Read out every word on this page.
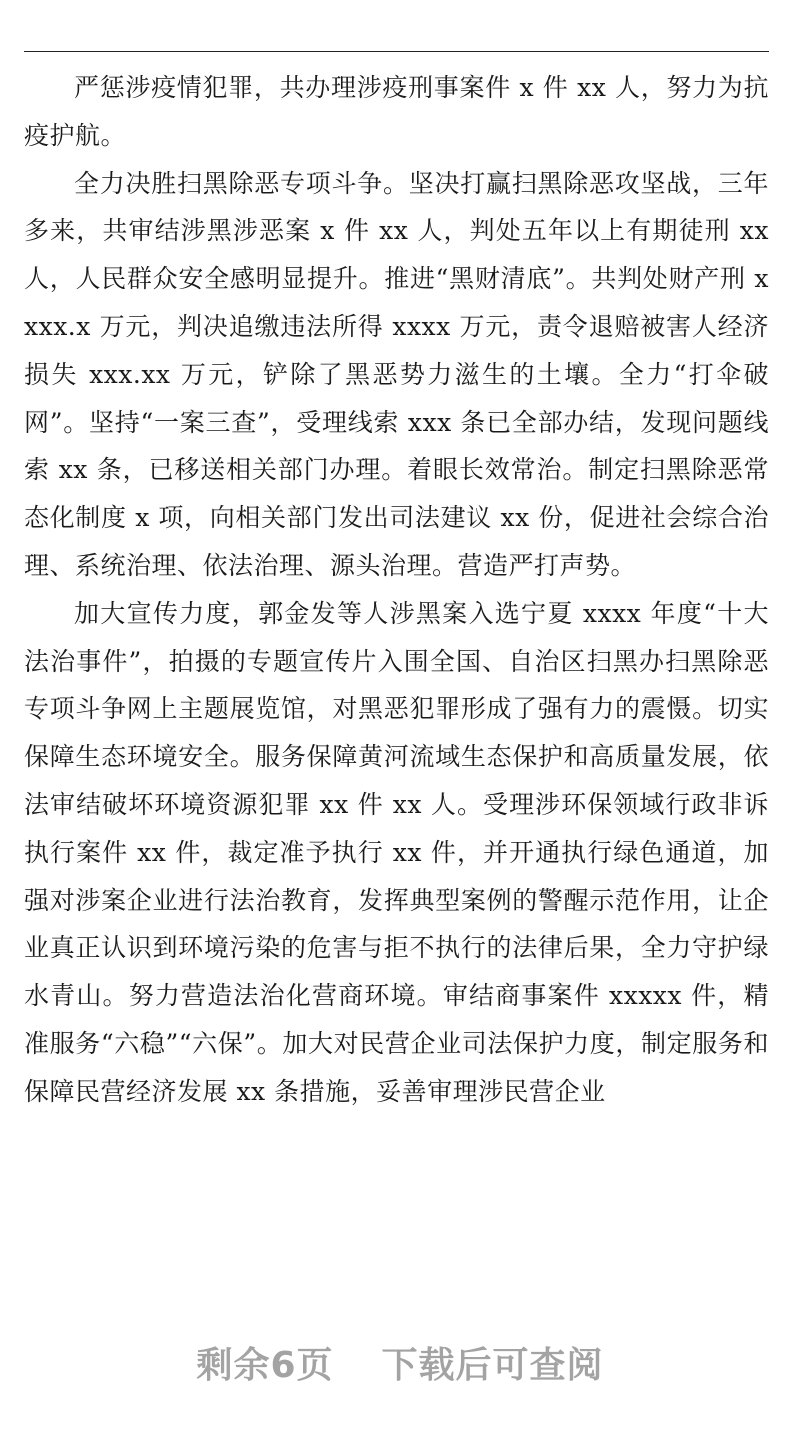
严惩涉疫情犯罪，共办理涉疫刑事案件 x 件 xx 人，努力为抗疫护航。

全力决胜扫黑除恶专项斗争。坚决打赢扫黑除恶攻坚战，三年多来，共审结涉黑涉恶案 x 件 xx 人，判处五年以上有期徒刑 xx 人，人民群众安全感明显提升。推进“黑财清底”。共判处财产刑 xxxx.x 万元，判决追缴违法所得 xxxx 万元，责令退赔被害人经济损失 xxx.xx 万元，铲除了黑恶势力滋生的土壤。全力“打伞破网”。坚持“一案三查”，受理线索 xxx 条已全部办结，发现问题线索 xx 条，已移送相关部门办理。着眼长效常治。制定扫黑除恶常态化制度 x 项，向相关部门发出司法建议 xx 份，促进社会综合治理、系统治理、依法治理、源头治理。营造严打声势。

加大宣传力度，郭金发等人涉黑案入选宁夏 xxxx 年度“十大法治事件”，拍摄的专题宣传片入围全国、自治区扫黑办扫黑除恶专项斗争网上主题展览馆，对黑恶犯罪形成了强有力的震慑。切实保障生态环境安全。服务保障黄河流域生态保护和高质量发展，依法审结破坏环境资源犯罪 xx 件 xx 人。受理涉环保领域行政非诉执行案件 xx 件，裁定准予执行 xx 件，并开通执行绿色通道，加强对涉案企业进行法治教育，发挥典型案例的警醒示范作用，让企业真正认识到环境污染的危害与拒不执行的法律后果，全力守护绿水青山。努力营造法治化营商环境。审结商事案件 xxxxx 件，精准服务“六稳”“六保”。加大对民营企业司法保护力度，制定服务和保障民营经济发展 xx 条措施，妥善审理涉民营企业

剩余6页 下载后可查阅
